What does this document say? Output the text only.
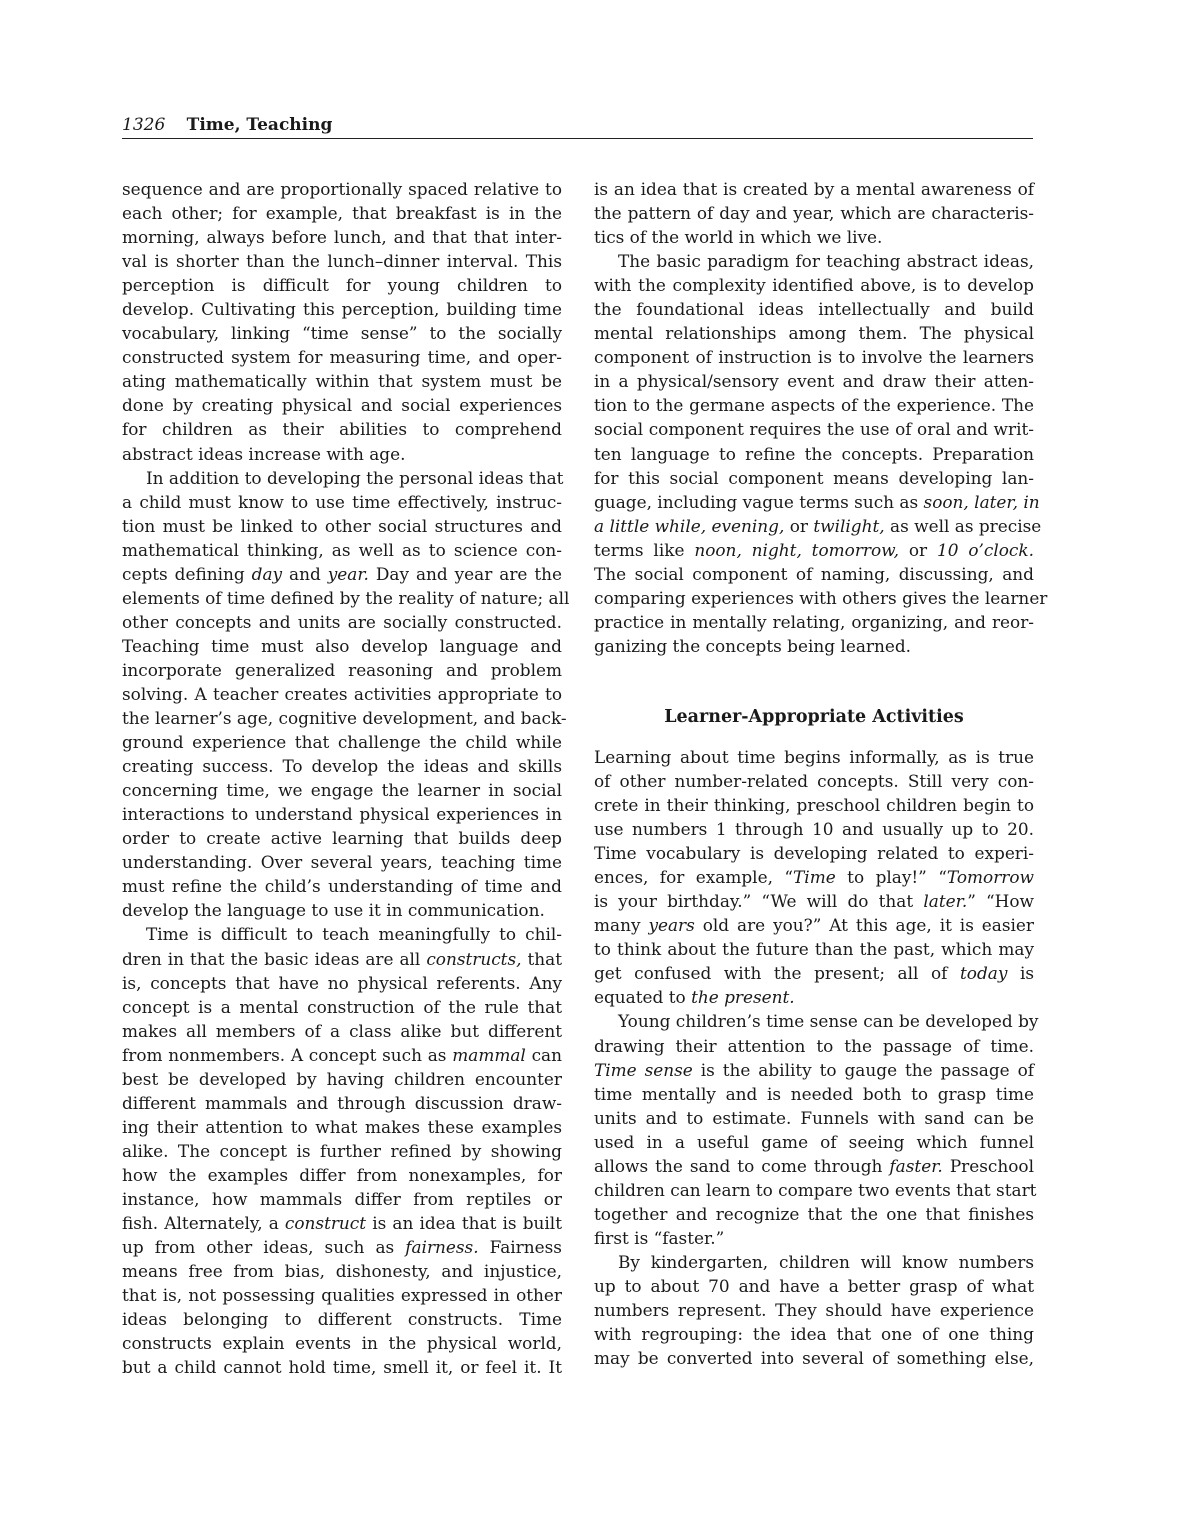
1326 Time, Teaching
sequence and are proportionally spaced relative to
each other; for example, that breakfast is in the
morning, always before lunch, and that that inter-
val is shorter than the lunch–dinner interval. This
perception is difficult for young children to
develop. Cultivating this perception, building time
vocabulary, linking “time sense” to the socially
constructed system for measuring time, and oper-
ating mathematically within that system must be
done by creating physical and social experiences
for children as their abilities to comprehend
abstract ideas increase with age.
In addition to developing the personal ideas that
a child must know to use time effectively, instruc-
tion must be linked to other social structures and
mathematical thinking, as well as to science con-
cepts defining day and year. Day and year are the
elements of time defined by the reality of nature; all
other concepts and units are socially constructed.
Teaching time must also develop language and
incorporate generalized reasoning and problem
solving. A teacher creates activities appropriate to
the learner’s age, cognitive development, and back-
ground experience that challenge the child while
creating success. To develop the ideas and skills
concerning time, we engage the learner in social
interactions to understand physical experiences in
order to create active learning that builds deep
understanding. Over several years, teaching time
must refine the child’s understanding of time and
develop the language to use it in communication.
Time is difficult to teach meaningfully to chil-
dren in that the basic ideas are all constructs, that
is, concepts that have no physical referents. Any
concept is a mental construction of the rule that
makes all members of a class alike but different
from nonmembers. A concept such as mammal can
best be developed by having children encounter
different mammals and through discussion draw-
ing their attention to what makes these examples
alike. The concept is further refined by showing
how the examples differ from nonexamples, for
instance, how mammals differ from reptiles or
fish. Alternately, a construct is an idea that is built
up from other ideas, such as fairness. Fairness
means free from bias, dishonesty, and injustice,
that is, not possessing qualities expressed in other
ideas belonging to different constructs. Time
constructs explain events in the physical world,
but a child cannot hold time, smell it, or feel it. It
is an idea that is created by a mental awareness of
the pattern of day and year, which are characteris-
tics of the world in which we live.
The basic paradigm for teaching abstract ideas,
with the complexity identified above, is to develop
the foundational ideas intellectually and build
mental relationships among them. The physical
component of instruction is to involve the learners
in a physical/sensory event and draw their atten-
tion to the germane aspects of the experience. The
social component requires the use of oral and writ-
ten language to refine the concepts. Preparation
for this social component means developing lan-
guage, including vague terms such as soon, later, in
a little while, evening, or twilight, as well as precise
terms like noon, night, tomorrow, or 10 o’clock.
The social component of naming, discussing, and
comparing experiences with others gives the learner
practice in mentally relating, organizing, and reor-
ganizing the concepts being learned.
Learner-Appropriate Activities
Learning about time begins informally, as is true
of other number-related concepts. Still very con-
crete in their thinking, preschool children begin to
use numbers 1 through 10 and usually up to 20.
Time vocabulary is developing related to experi-
ences, for example, “Time to play!” “Tomorrow
is your birthday.” “We will do that later.” “How
many years old are you?” At this age, it is easier
to think about the future than the past, which may
get confused with the present; all of today is
equated to the present.
Young children’s time sense can be developed by
drawing their attention to the passage of time.
Time sense is the ability to gauge the passage of
time mentally and is needed both to grasp time
units and to estimate. Funnels with sand can be
used in a useful game of seeing which funnel
allows the sand to come through faster. Preschool
children can learn to compare two events that start
together and recognize that the one that finishes
first is “faster.”
By kindergarten, children will know numbers
up to about 70 and have a better grasp of what
numbers represent. They should have experience
with regrouping: the idea that one of one thing
may be converted into several of something else,
